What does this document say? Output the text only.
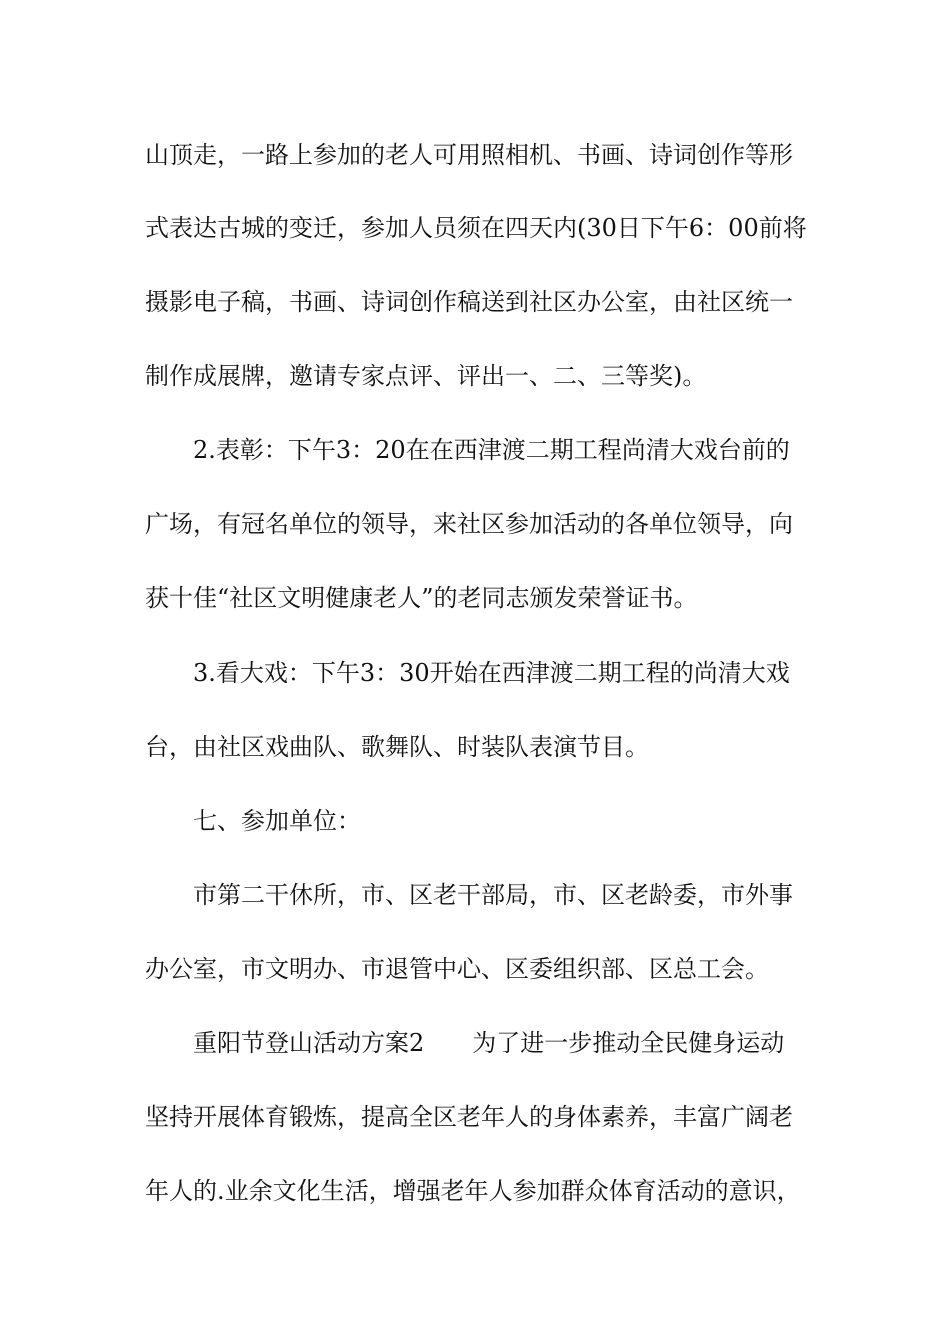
山顶走，一路上参加的老人可用照相机、书画、诗词创作等形
式表达古城的变迁，参加人员须在四天内(30日下午6：00前将
摄影电子稿，书画、诗词创作稿送到社区办公室，由社区统一
制作成展牌，邀请专家点评、评出一、二、三等奖)。
2.表彰：下午3：20在在西津渡二期工程尚清大戏台前的
广场，有冠名单位的领导，来社区参加活动的各单位领导，向
获十佳“社区文明健康老人”的老同志颁发荣誉证书。
3.看大戏：下午3：30开始在西津渡二期工程的尚清大戏
台，由社区戏曲队、歌舞队、时装队表演节目。
七、参加单位：
市第二干休所，市、区老干部局，市、区老龄委，市外事
办公室，市文明办、市退管中心、区委组织部、区总工会。
重阳节登山活动方案2　　为了进一步推动全民健身运动
坚持开展体育锻炼，提高全区老年人的身体素养，丰富广阔老
年人的.业余文化生活，增强老年人参加群众体育活动的意识，
